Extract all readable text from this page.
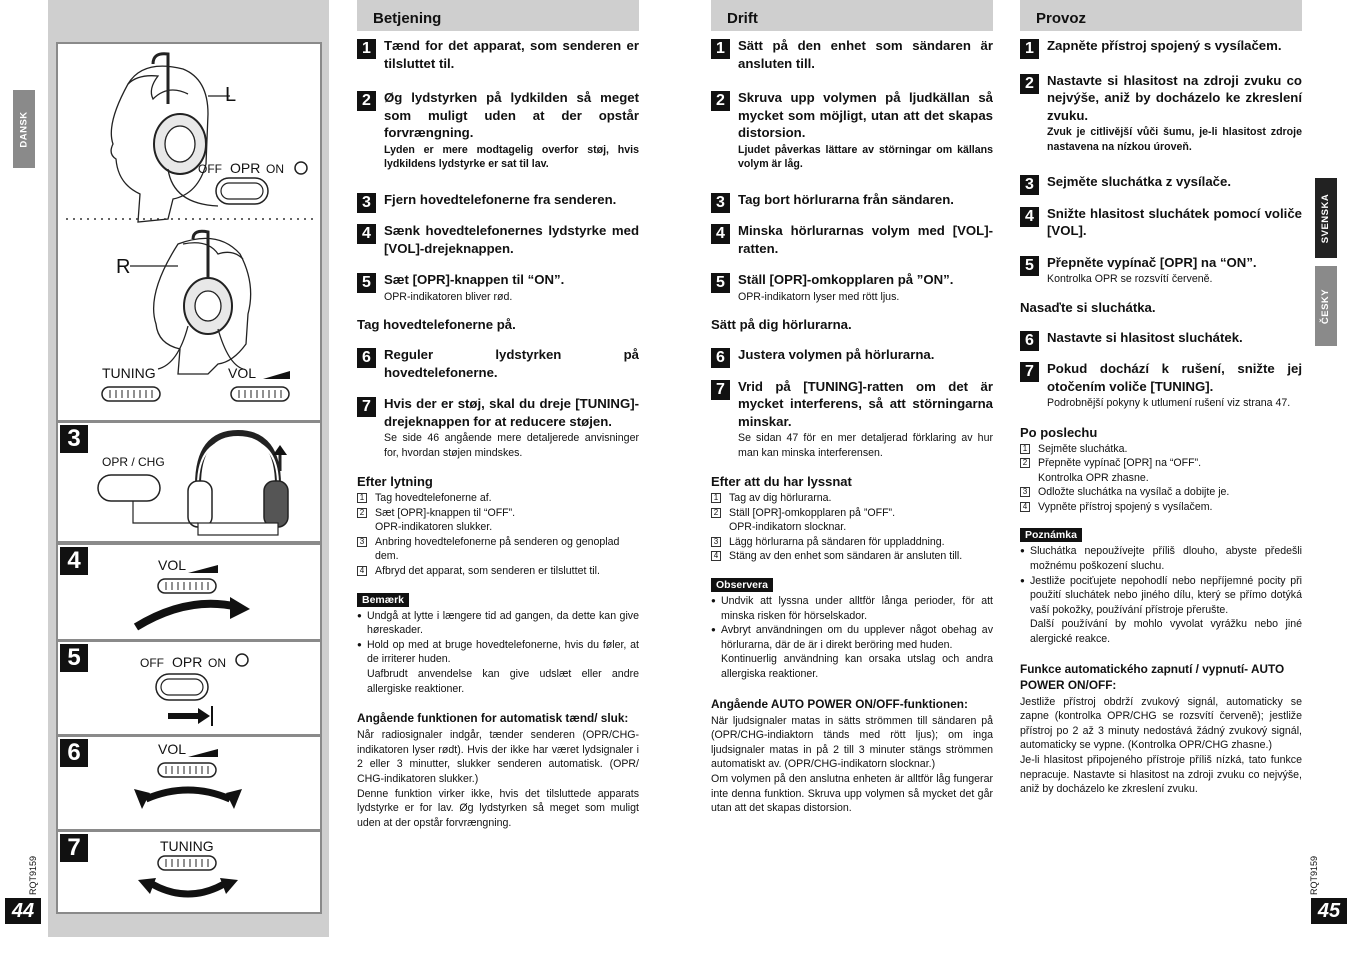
DANSK
SVENSKA
ČESKY
RQT9159	RQT9159
44	45
L
R
OFF OPR ON
TUNING	VOL
3
OPR / CHG
4	VOL
5	OFF OPR ON
6	VOL
7	TUNING
Betjening
1 Tænd for det apparat, som senderen er tilsluttet til.
2 Øg lydstyrken på lydkilden så meget som muligt uden at der opstår forvrængning.
Lyden er mere modtagelig overfor støj, hvis lydkildens lydstyrke er sat til lav.
3 Fjern hovedtelefonerne fra senderen.
4 Sænk hovedtelefonernes lydstyrke med [VOL]-drejeknappen.
5 Sæt [OPR]-knappen til “ON”.
OPR-indikatoren bliver rød.
Tag hovedtelefonerne på.
6 Reguler lydstyrken på hovedtelefonerne.
7 Hvis der er støj, skal du dreje [TUNING]-drejeknappen for at reducere støjen.
Se side 46 angående mere detaljerede anvisninger for, hvordan støjen mindskes.
Efter lytning
1 Tag hovedtelefonerne af.
2 Sæt [OPR]-knappen til “OFF”.
OPR-indikatoren slukker.
3 Anbring hovedtelefonerne på senderen og genoplad dem.
4 Afbryd det apparat, som senderen er tilsluttet til.
Bemærk
● Undgå at lytte i længere tid ad gangen, da dette kan give høreskader.
● Hold op med at bruge hovedtelefonerne, hvis du føler, at de irriterer huden.
Uafbrudt anvendelse kan give udslæt eller andre allergiske reaktioner.
Angående funktionen for automatisk tænd/ sluk:
Når radiosignaler indgår, tænder senderen (OPR/CHG-indikatoren lyser rødt). Hvis der ikke har været lydsignaler i 2 eller 3 minutter, slukker senderen automatisk. (OPR/ CHG-indikatoren slukker.)
Denne funktion virker ikke, hvis det tilsluttede apparats lydstyrke er for lav. Øg lydstyrken så meget som muligt uden at der opstår forvrængning.
Drift
1 Sätt på den enhet som sändaren är ansluten till.
2 Skruva upp volymen på ljudkällan så mycket som möjligt, utan att det skapas distorsion.
Ljudet påverkas lättare av störningar om källans volym är låg.
3 Tag bort hörlurarna från sändaren.
4 Minska hörlurarnas volym med [VOL]-ratten.
5 Ställ [OPR]-omkopplaren på ”ON”.
OPR-indikatorn lyser med rött ljus.
Sätt på dig hörlurarna.
6 Justera volymen på hörlurarna.
7 Vrid på [TUNING]-ratten om det är mycket interferens, så att störningarna minskar.
Se sidan 47 för en mer detaljerad förklaring av hur man kan minska interferensen.
Efter att du har lyssnat
1 Tag av dig hörlurarna.
2 Ställ [OPR]-omkopplaren på ”OFF”.
OPR-indikatorn slocknar.
3 Lägg hörlurarna på sändaren för uppladdning.
4 Stäng av den enhet som sändaren är ansluten till.
Observera
● Undvik att lyssna under alltför långa perioder, för att minska risken för hörselskador.
● Avbryt användningen om du upplever något obehag av hörlurarna, där de är i direkt beröring med huden.
Kontinuerlig användning kan orsaka utslag och andra allergiska reaktioner.
Angående AUTO POWER ON/OFF-funktionen:
När ljudsignaler matas in sätts strömmen till sändaren på (OPR/CHG-indiaktorn tänds med rött ljus); om inga ljudsignaler matas in på 2 till 3 minuter stängs strömmen automatiskt av. (OPR/CHG-indikatorn slocknar.)
Om volymen på den anslutna enheten är alltför låg fungerar inte denna funktion. Skruva upp volymen så mycket det går utan att det skapas distorsion.
Provoz
1 Zapněte přístroj spojený s vysílačem.
2 Nastavte si hlasitost na zdroji zvuku co nejvýše, aniž by docházelo ke zkreslení zvuku.
Zvuk je citlivější vůči šumu, je-li hlasitost zdroje nastavena na nízkou úroveň.
3 Sejměte sluchátka z vysílače.
4 Snižte hlasitost sluchátek pomocí voliče [VOL].
5 Přepněte vypínač [OPR] na “ON”.
Kontrolka OPR se rozsvítí červeně.
Nasaďte si sluchátka.
6 Nastavte si hlasitost sluchátek.
7 Pokud dochází k rušení, snižte jej otočením voliče [TUNING].
Podrobnější pokyny k utlumení rušení viz strana 47.
Po poslechu
1 Sejměte sluchátka.
2 Přepněte vypínač [OPR] na “OFF”.
Kontrolka OPR zhasne.
3 Odložte sluchátka na vysílač a dobijte je.
4 Vypněte přístroj spojený s vysílačem.
Poznámka
● Sluchátka nepoužívejte příliš dlouho, abyste předešli možnému poškození sluchu.
● Jestliže pociťujete nepohodlí nebo nepříjemné pocity při použití sluchátek nebo jiného dílu, který se přímo dotýká vaší pokožky, používání přístroje přerušte.
Další používání by mohlo vyvolat vyrážku nebo jiné alergické reakce.
Funkce automatického zapnutí / vypnutí- AUTO POWER ON/OFF:
Jestliže přístroj obdrží zvukový signál, automaticky se zapne (kontrolka OPR/CHG se rozsvítí červeně); jestliže přístroj po 2 až 3 minuty nedostává žádný zvukový signál, automaticky se vypne. (Kontrolka OPR/CHG zhasne.)
Je-li hlasitost připojeného přístroje příliš nízká, tato funkce nepracuje. Nastavte si hlasitost na zdroji zvuku co nejvýše, aniž by docházelo ke zkreslení zvuku.
